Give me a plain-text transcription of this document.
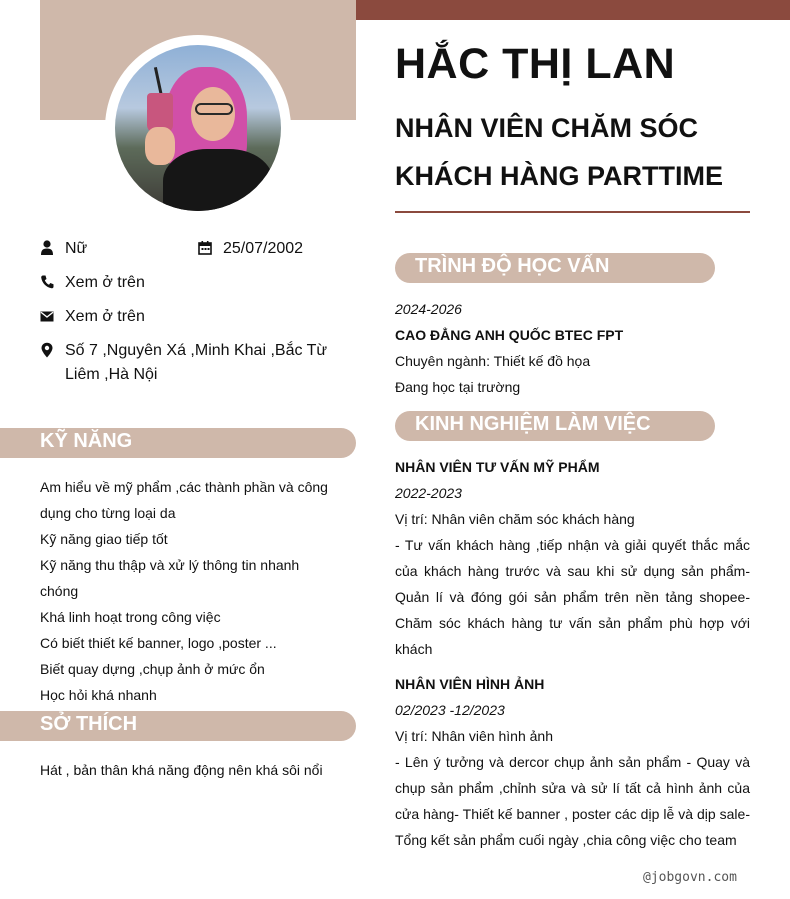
HẮC THỊ LAN
NHÂN VIÊN CHĂM SÓC KHÁCH HÀNG PARTTIME
Nữ	25/07/2002
Xem ở trên
Xem ở trên
Số 7 ,Nguyên Xá ,Minh Khai ,Bắc Từ Liêm ,Hà Nội
KỸ NĂNG
Am hiểu về mỹ phẩm ,các thành phần và công dụng cho từng loại da
Kỹ năng giao tiếp tốt
Kỹ năng thu thập và xử lý thông tin nhanh chóng
Khá linh hoạt trong công việc
Có biết thiết kế banner, logo ,poster ...
Biết quay dựng ,chụp ảnh ở mức ổn
Học hỏi khá nhanh
SỞ THÍCH
Hát , bản thân khá năng động nên khá sôi nổi
TRÌNH ĐỘ HỌC VẤN
2024-2026
CAO ĐẲNG ANH QUỐC BTEC FPT
Chuyên ngành: Thiết kế đồ họa
Đang học tại trường
KINH NGHIỆM LÀM VIỆC
NHÂN VIÊN TƯ VẤN MỸ PHẨM
2022-2023
Vị trí: Nhân viên chăm sóc khách hàng
- Tư vấn khách hàng ,tiếp nhận và giải quyết thắc mắc của khách hàng trước và sau khi sử dụng sản phẩm- Quản lí và đóng gói sản phẩm trên nền tảng shopee- Chăm sóc khách hàng tư vấn sản phẩm phù hợp với khách
NHÂN VIÊN HÌNH ẢNH
02/2023 -12/2023
Vị trí: Nhân viên hình ảnh
- Lên ý tưởng và dercor chụp ảnh sản phẩm - Quay và chụp sản phẩm ,chỉnh sửa và sử lí tất cả hình ảnh của cửa hàng- Thiết kế banner , poster các dịp lễ và dịp sale- Tổng kết sản phẩm cuối ngày ,chia công việc cho team
@jobgovn.com
